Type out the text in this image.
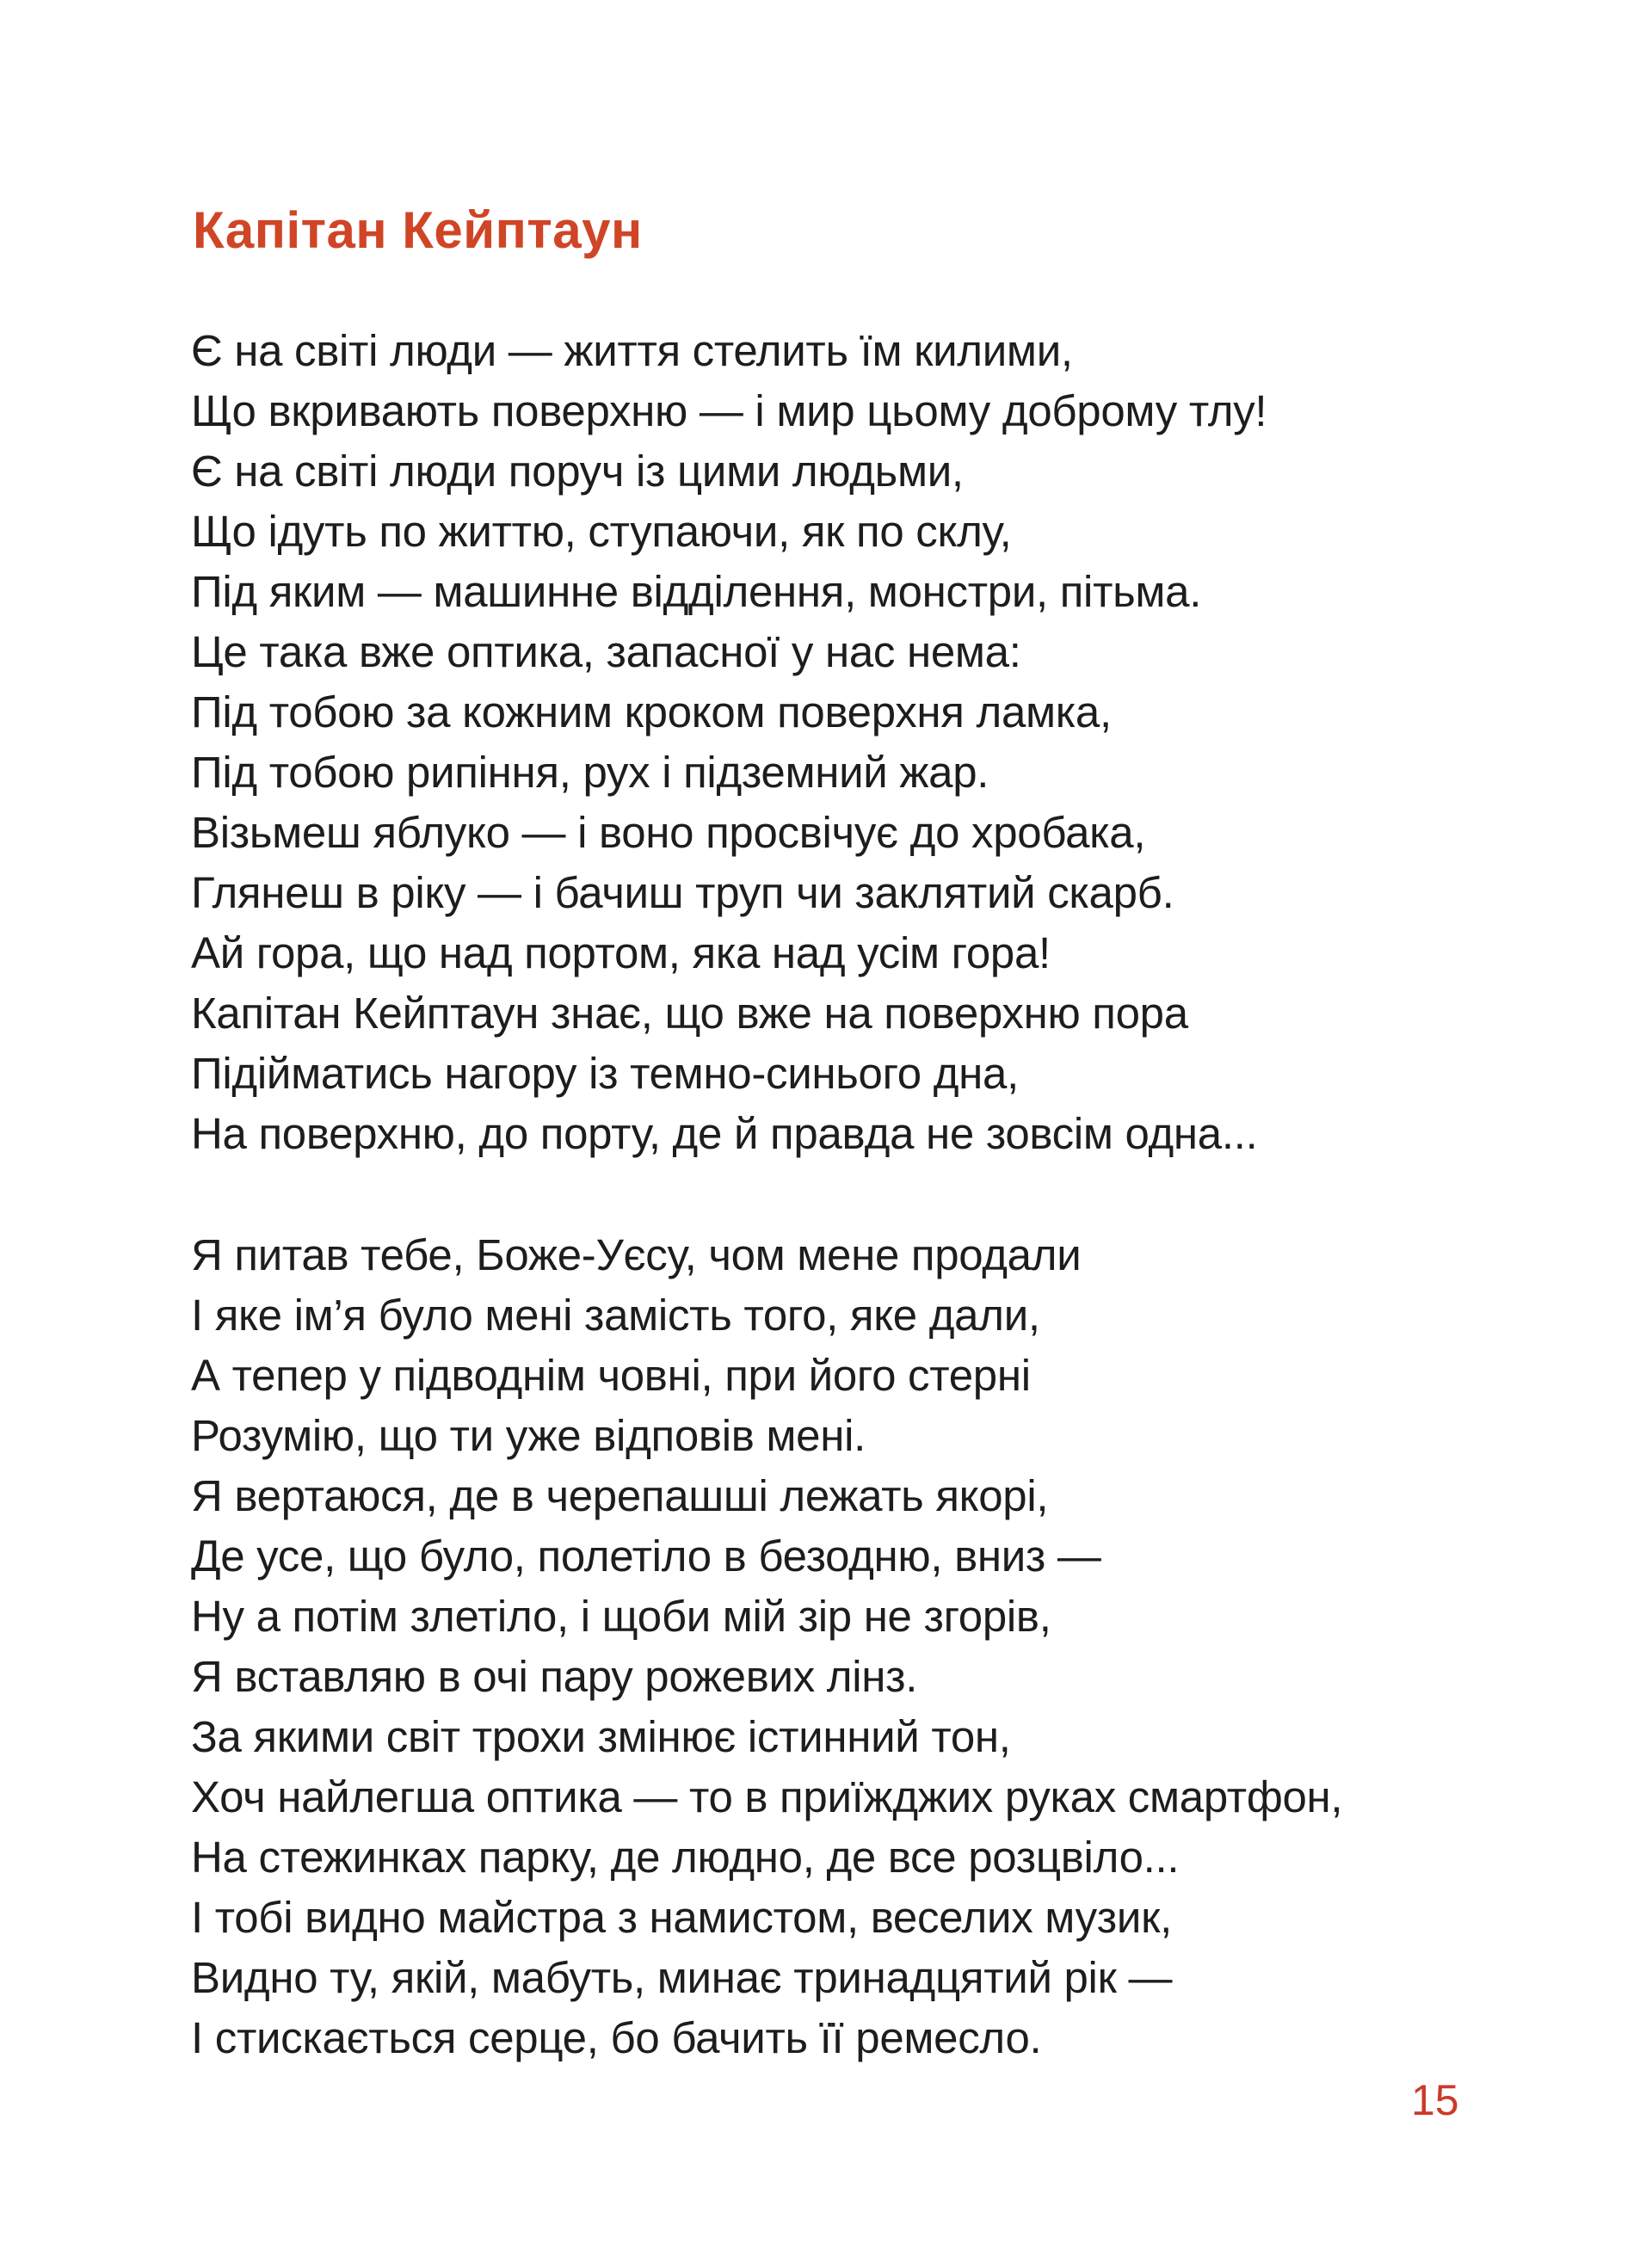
Капітан Кейптаун
Є на світі люди — життя стелить їм килими,
Що вкривають поверхню — і мир цьому доброму тлу!
Є на світі люди поруч із цими людьми,
Що ідуть по життю, ступаючи, як по склу,
Під яким — машинне відділення, монстри, пітьма.
Це така вже оптика, запасної у нас нема:
Під тобою за кожним кроком поверхня ламка,
Під тобою рипіння, рух і підземний жар.
Візьмеш яблуко — і воно просвічує до хробака,
Глянеш в ріку — і бачиш труп чи заклятий скарб.
Ай гора, що над портом, яка над усім гора!
Капітан Кейптаун знає, що вже на поверхню пора
Підійматись нагору із темно-синього дна,
На поверхню, до порту, де й правда не зовсім одна...
Я питав тебе, Боже-Уєсу, чом мене продали
І яке ім’я було мені замість того, яке дали,
А тепер у підводнім човні, при його стерні
Розумію, що ти уже відповів мені.
Я вертаюся, де в черепашші лежать якорі,
Де усе, що було, полетіло в безодню, вниз —
Ну а потім злетіло, і щоби мій зір не згорів,
Я вставляю в очі пару рожевих лінз.
За якими світ трохи змінює істинний тон,
Хоч найлегша оптика — то в приїжджих руках смартфон,
На стежинках парку, де людно, де все розцвіло...
І тобі видно майстра з намистом, веселих музик,
Видно ту, якій, мабуть, минає тринадцятий рік —
І стискається серце, бо бачить її ремесло.
15
